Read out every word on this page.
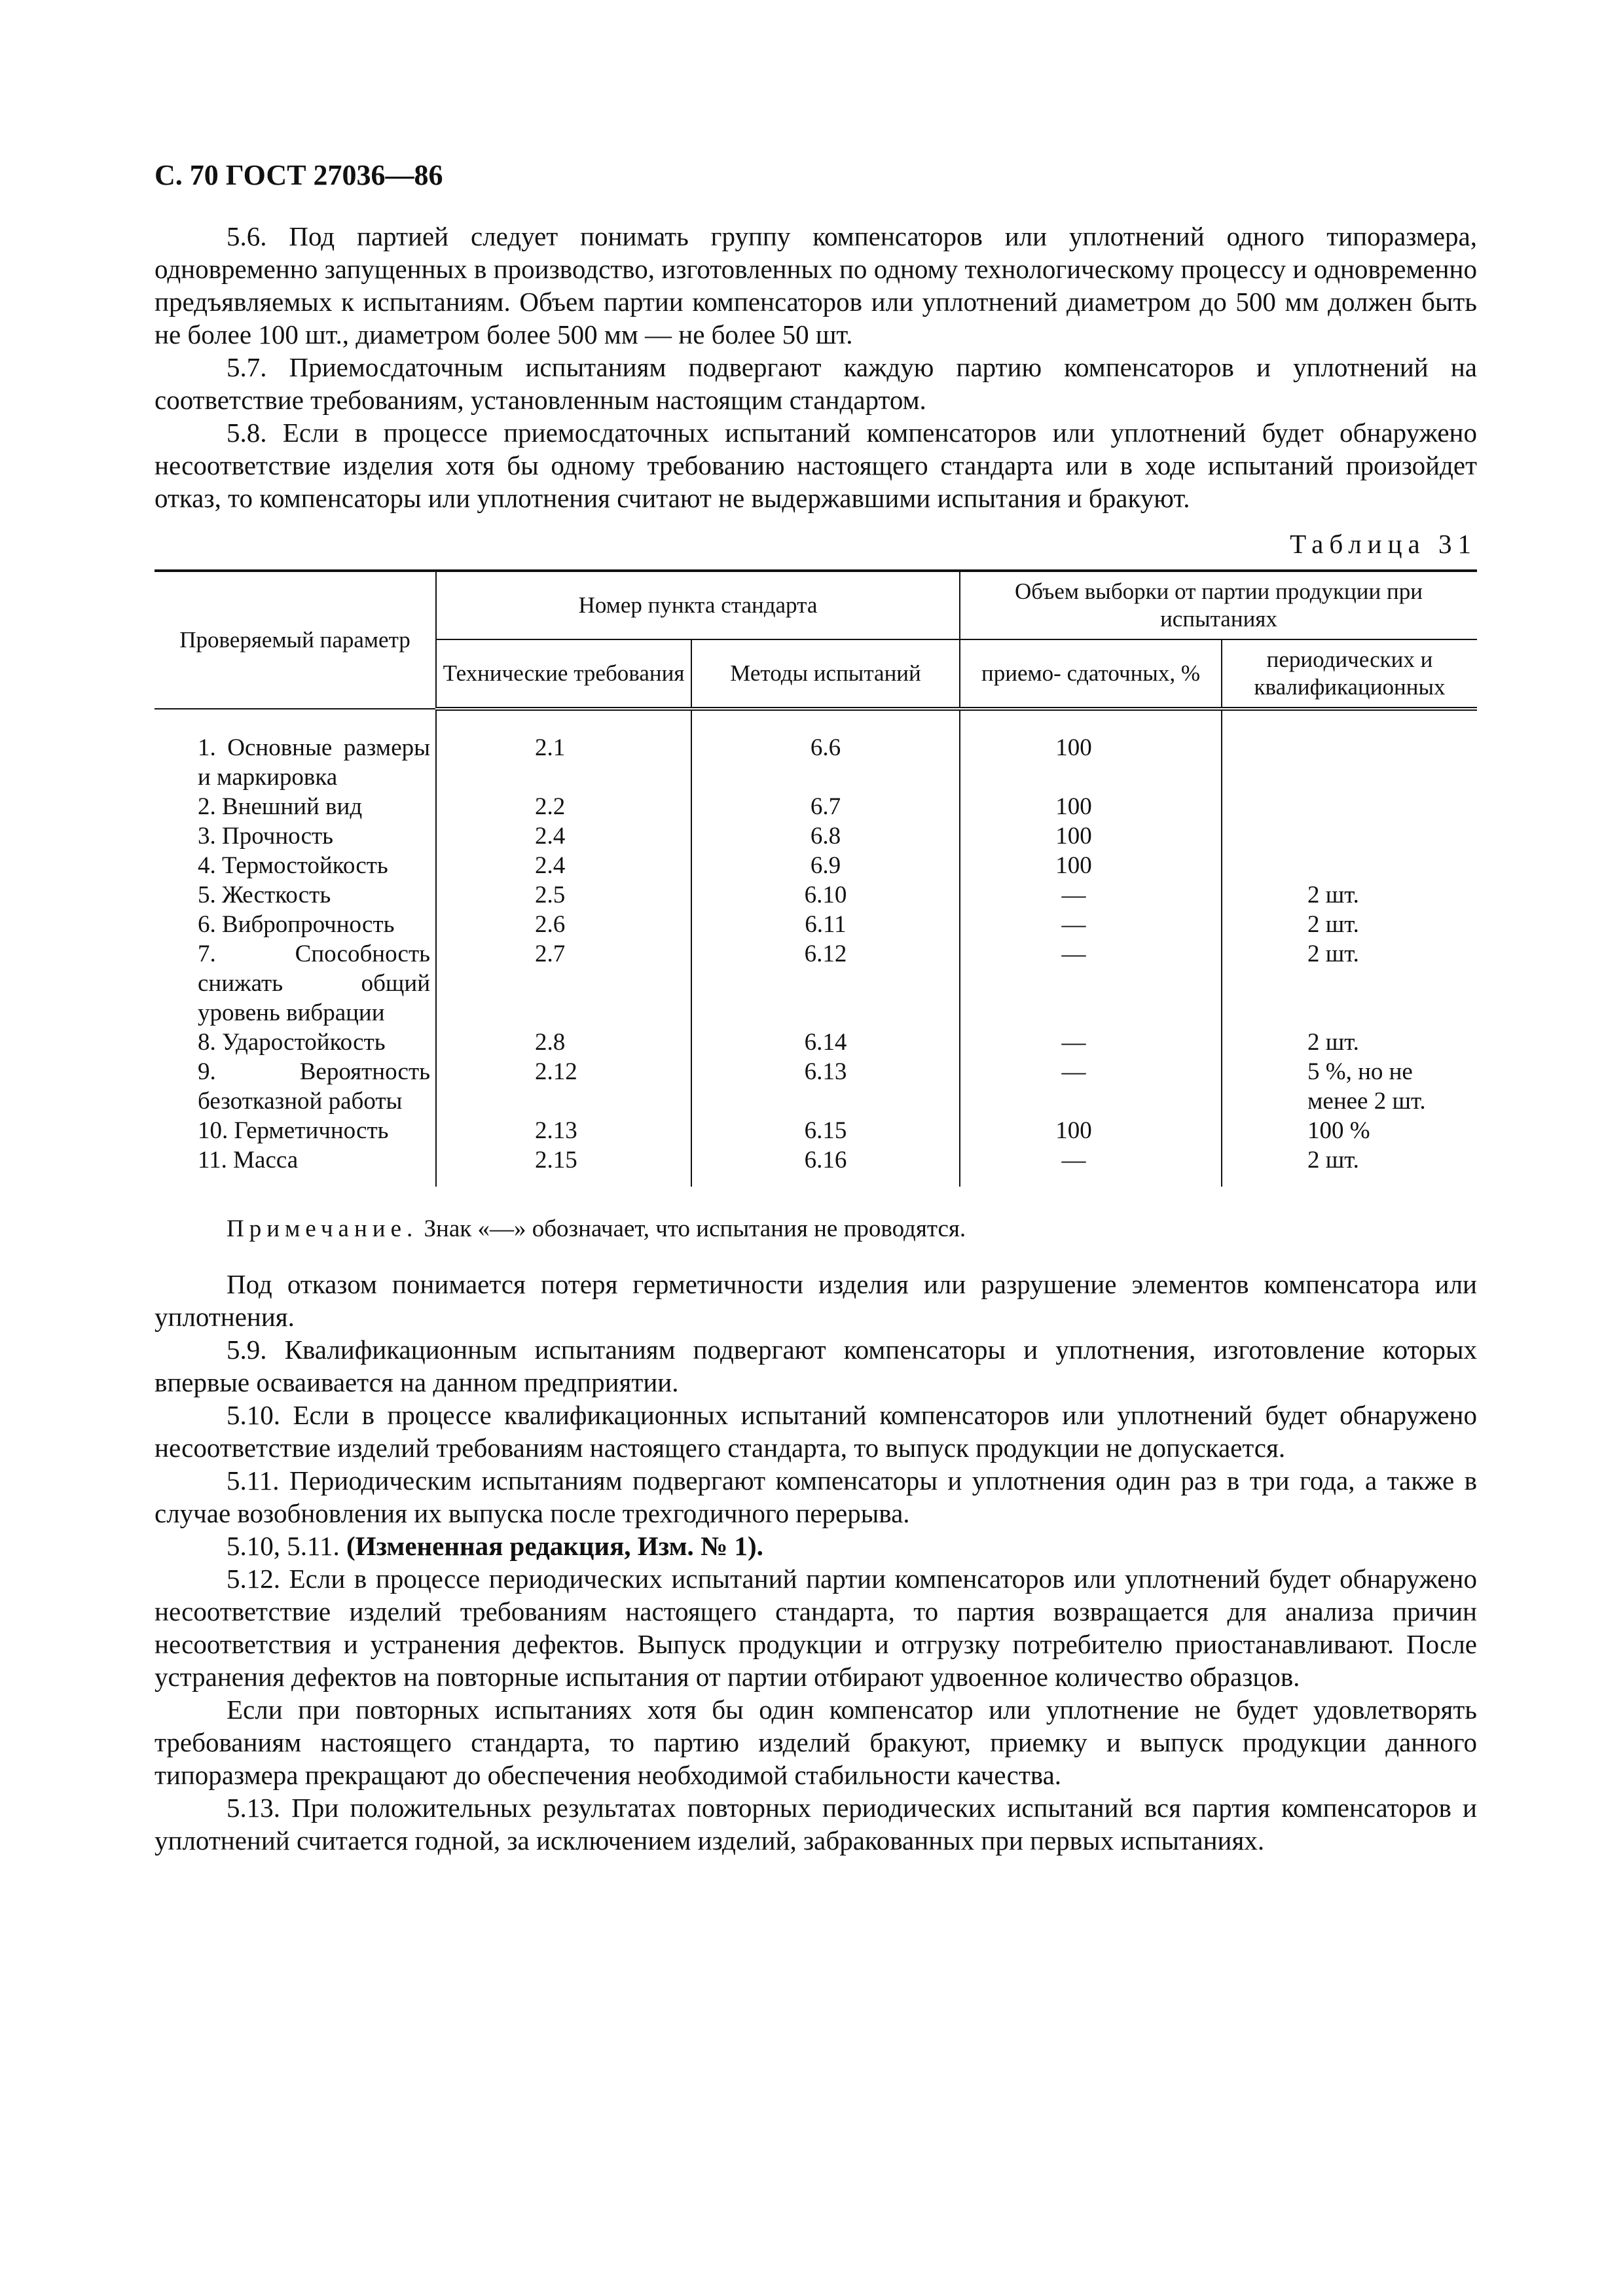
С. 70 ГОСТ 27036—86

5.6. Под партией следует понимать группу компенсаторов или уплотнений одного типоразмера, одновременно запущенных в производство, изготовленных по одному технологическому процессу и одновременно предъявляемых к испытаниям. Объем партии компенсаторов или уплотнений диаметром до 500 мм должен быть не более 100 шт., диаметром более 500 мм — не более 50 шт.

5.7. Приемосдаточным испытаниям подвергают каждую партию компенсаторов и уплотнений на соответствие требованиям, установленным настоящим стандартом.

5.8. Если в процессе приемосдаточных испытаний компенсаторов или уплотнений будет обнаружено несоответствие изделия хотя бы одному требованию настоящего стандарта или в ходе испытаний произойдет отказ, то компенсаторы или уплотнения считают не выдержавшими испытания и бракуют.

Таблица 31
Проверяемый параметр	Номер пункта стандарта		Объем выборки от партии продукции при испытаниях	
	Технические требования	Методы испытаний	приемо- сдаточных, %	периодических и квалификационных

1. Основные размеры и маркировка	2.1	6.6	100	

2. Внешний вид	2.2	6.7	100	

3. Прочность	2.4	6.8	100	

4. Термостойкость	2.4	6.9	100	

5. Жесткость	2.5	6.10	—	2 шт.

6. Вибропрочность	2.6	6.11	—	2 шт.

7. Способность снижать общий уровень вибрации	2.7	6.12	—	2 шт.

8. Ударостойкость	2.8	6.14	—	2 шт.

9. Вероятность безотказной работы	2.12	6.13	—	5 %, но не менее 2 шт.

10. Герметичность	2.13	6.15	100	100 %

11. Масса	2.15	6.16	—	2 шт.
Примечание. Знак «—» обозначает, что испытания не проводятся.

Под отказом понимается потеря герметичности изделия или разрушение элементов компенсатора или уплотнения.

5.9. Квалификационным испытаниям подвергают компенсаторы и уплотнения, изготовление которых впервые осваивается на данном предприятии.

5.10. Если в процессе квалификационных испытаний компенсаторов или уплотнений будет обнаружено несоответствие изделий требованиям настоящего стандарта, то выпуск продукции не допускается.

5.11. Периодическим испытаниям подвергают компенсаторы и уплотнения один раз в три года, а также в случае возобновления их выпуска после трехгодичного перерыва.

5.10, 5.11. (Измененная редакция, Изм. № 1).

5.12. Если в процессе периодических испытаний партии компенсаторов или уплотнений будет обнаружено несоответствие изделий требованиям настоящего стандарта, то партия возвращается для анализа причин несоответствия и устранения дефектов. Выпуск продукции и отгрузку потребителю приостанавливают. После устранения дефектов на повторные испытания от партии отбирают удвоенное количество образцов.

Если при повторных испытаниях хотя бы один компенсатор или уплотнение не будет удовлетворять требованиям настоящего стандарта, то партию изделий бракуют, приемку и выпуск продукции данного типоразмера прекращают до обеспечения необходимой стабильности качества.

5.13. При положительных результатах повторных периодических испытаний вся партия компенсаторов и уплотнений считается годной, за исключением изделий, забракованных при первых испытаниях.
